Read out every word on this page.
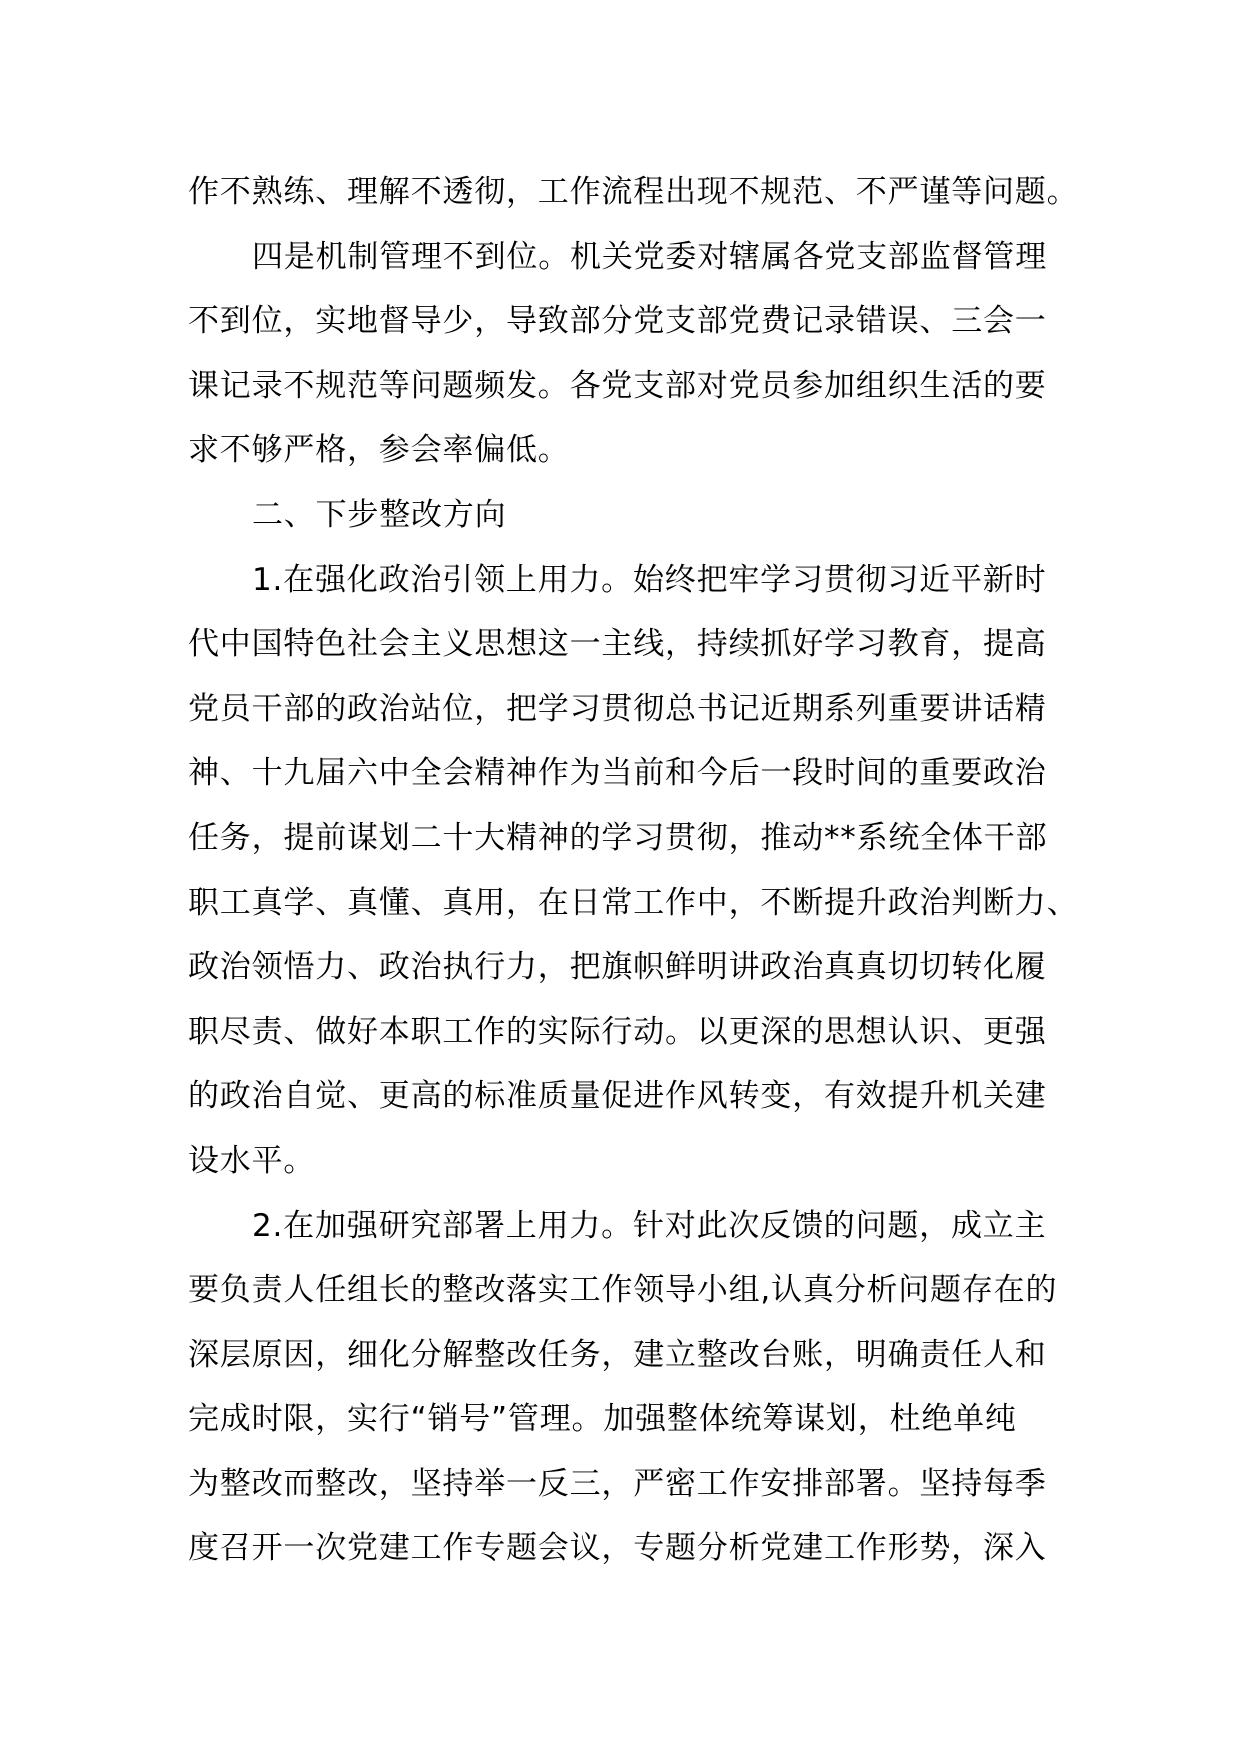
作不熟练、理解不透彻，工作流程出现不规范、不严谨等问题。
四是机制管理不到位。机关党委对辖属各党支部监督管理
不到位，实地督导少，导致部分党支部党费记录错误、三会一
课记录不规范等问题频发。各党支部对党员参加组织生活的要
求不够严格，参会率偏低。
二、下步整改方向
1.在强化政治引领上用力。始终把牢学习贯彻习近平新时
代中国特色社会主义思想这一主线，持续抓好学习教育，提高
党员干部的政治站位，把学习贯彻总书记近期系列重要讲话精
神、十九届六中全会精神作为当前和今后一段时间的重要政治
任务，提前谋划二十大精神的学习贯彻，推动**系统全体干部
职工真学、真懂、真用，在日常工作中，不断提升政治判断力、
政治领悟力、政治执行力，把旗帜鲜明讲政治真真切切转化履
职尽责、做好本职工作的实际行动。以更深的思想认识、更强
的政治自觉、更高的标准质量促进作风转变，有效提升机关建
设水平。
2.在加强研究部署上用力。针对此次反馈的问题，成立主
要负责人任组长的整改落实工作领导小组,认真分析问题存在的
深层原因，细化分解整改任务，建立整改台账，明确责任人和
完成时限，实行“销号”管理。加强整体统筹谋划，杜绝单纯
为整改而整改，坚持举一反三，严密工作安排部署。坚持每季
度召开一次党建工作专题会议，专题分析党建工作形势，深入
